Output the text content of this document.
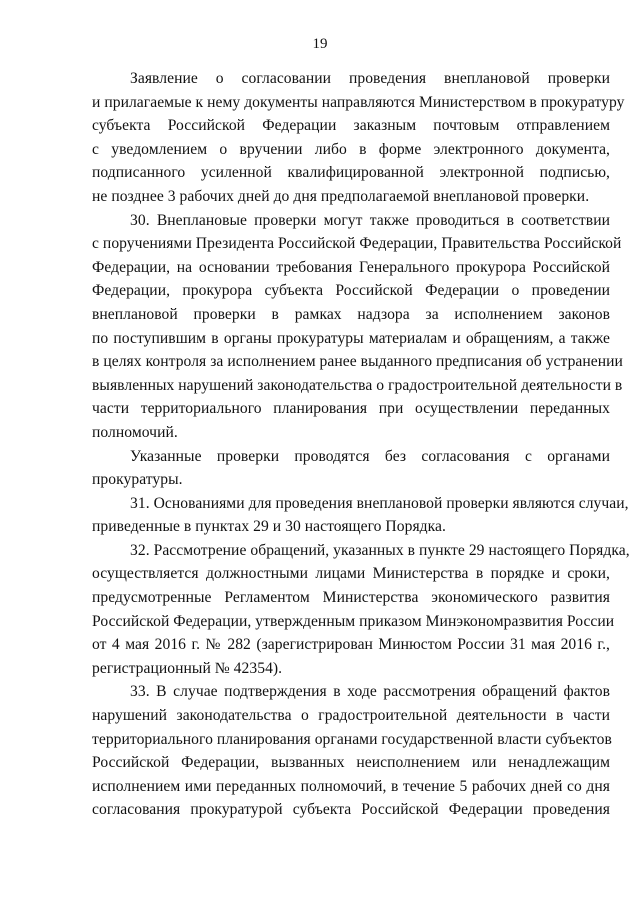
19
Заявление о согласовании проведения внеплановой проверки
и прилагаемые к нему документы направляются Министерством в прокуратуру
субъекта Российской Федерации заказным почтовым отправлением
с уведомлением о вручении либо в форме электронного документа,
подписанного усиленной квалифицированной электронной подписью,
не позднее 3 рабочих дней до дня предполагаемой внеплановой проверки.
30. Внеплановые проверки могут также проводиться в соответствии
с поручениями Президента Российской Федерации, Правительства Российской
Федерации, на основании требования Генерального прокурора Российской
Федерации, прокурора субъекта Российской Федерации о проведении
внеплановой проверки в рамках надзора за исполнением законов
по поступившим в органы прокуратуры материалам и обращениям, а также
в целях контроля за исполнением ранее выданного предписания об устранении
выявленных нарушений законодательства о градостроительной деятельности в
части территориального планирования при осуществлении переданных
полномочий.
Указанные проверки проводятся без согласования с органами
прокуратуры.
31. Основаниями для проведения внеплановой проверки являются случаи,
приведенные в пунктах 29 и 30 настоящего Порядка.
32. Рассмотрение обращений, указанных в пункте 29 настоящего Порядка,
осуществляется должностными лицами Министерства в порядке и сроки,
предусмотренные Регламентом Министерства экономического развития
Российской Федерации, утвержденным приказом Минэкономразвития России
от 4 мая 2016 г. № 282 (зарегистрирован Минюстом России 31 мая 2016 г.,
регистрационный № 42354).
33. В случае подтверждения в ходе рассмотрения обращений фактов
нарушений законодательства о градостроительной деятельности в части
территориального планирования органами государственной власти субъектов
Российской Федерации, вызванных неисполнением или ненадлежащим
исполнением ими переданных полномочий, в течение 5 рабочих дней со дня
согласования прокуратурой субъекта Российской Федерации проведения
